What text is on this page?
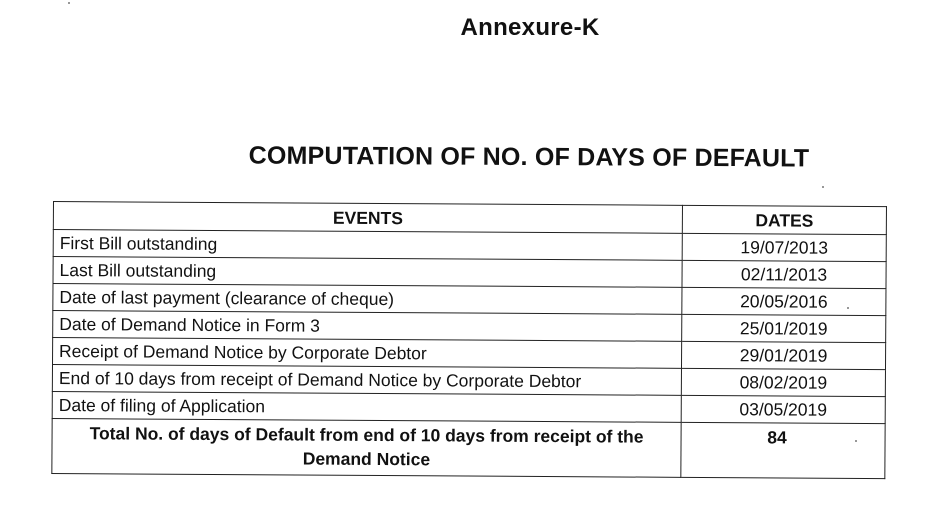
Annexure-K
COMPUTATION OF NO. OF DAYS OF DEFAULT
EVENTS	DATES
First Bill outstanding	19/07/2013
Last Bill outstanding	02/11/2013
Date of last payment (clearance of cheque)	20/05/2016
Date of Demand Notice in Form 3	25/01/2019
Receipt of Demand Notice by Corporate Debtor	29/01/2019
End of 10 days from receipt of Demand Notice by Corporate Debtor	08/02/2019
Date of filing of Application	03/05/2019
Total No. of days of Default from end of 10 days from receipt of the Demand Notice	84
